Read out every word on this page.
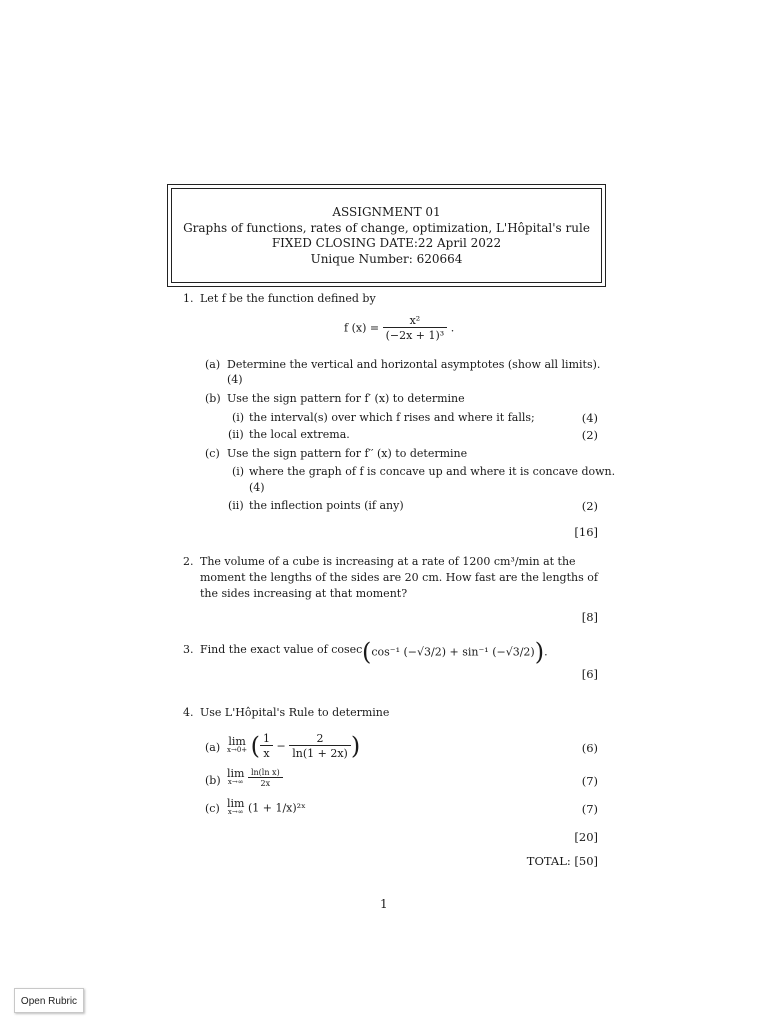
ASSIGNMENT 01
Graphs of functions, rates of change, optimization, L'Hôpital's rule
FIXED CLOSING DATE:22 April 2022
Unique Number: 620664
1. Let f be the function defined by
f $(x) = \frac{\text{x²}}{\text{(−2x + 1)³}}$ .
(a) Determine the vertical and horizontal asymptotes (show all limits).
(4)
(b) Use the sign pattern for f′ (x) to determine
(i) the interval(s) over which f rises and where it falls;	(4)
(ii) the local extrema.	(2)
(c) Use the sign pattern for f′′ (x) to determine
(i) where the graph of f is concave up and where it is concave down.
(4)
(ii) the inflection points (if any)	(2)
[16]
2. The volume of a cube is increasing at a rate of 1200 cm³/min at the
moment the lengths of the sides are 20 cm. How fast are the lengths of
the sides increasing at that moment?
[8]
3. Find the exact value of cosec (cos⁻¹ (−√3/2) + sin⁻¹ (−√3/2)).
[6]
4. Use L'Hôpital's Rule to determine
(a) lim
x→0+ ( $\frac{1}{x} - \frac{2}{\ln(1 + 2x)}$ )	(6)
(b)
lim
x→∞
$\frac{\text{ln(ln x)}}{2x}$	(7)
(c) lim
x→∞ (1 + 1/x)²ˣ	(7)
[20]
TOTAL: [50]
1
Open Rubric
